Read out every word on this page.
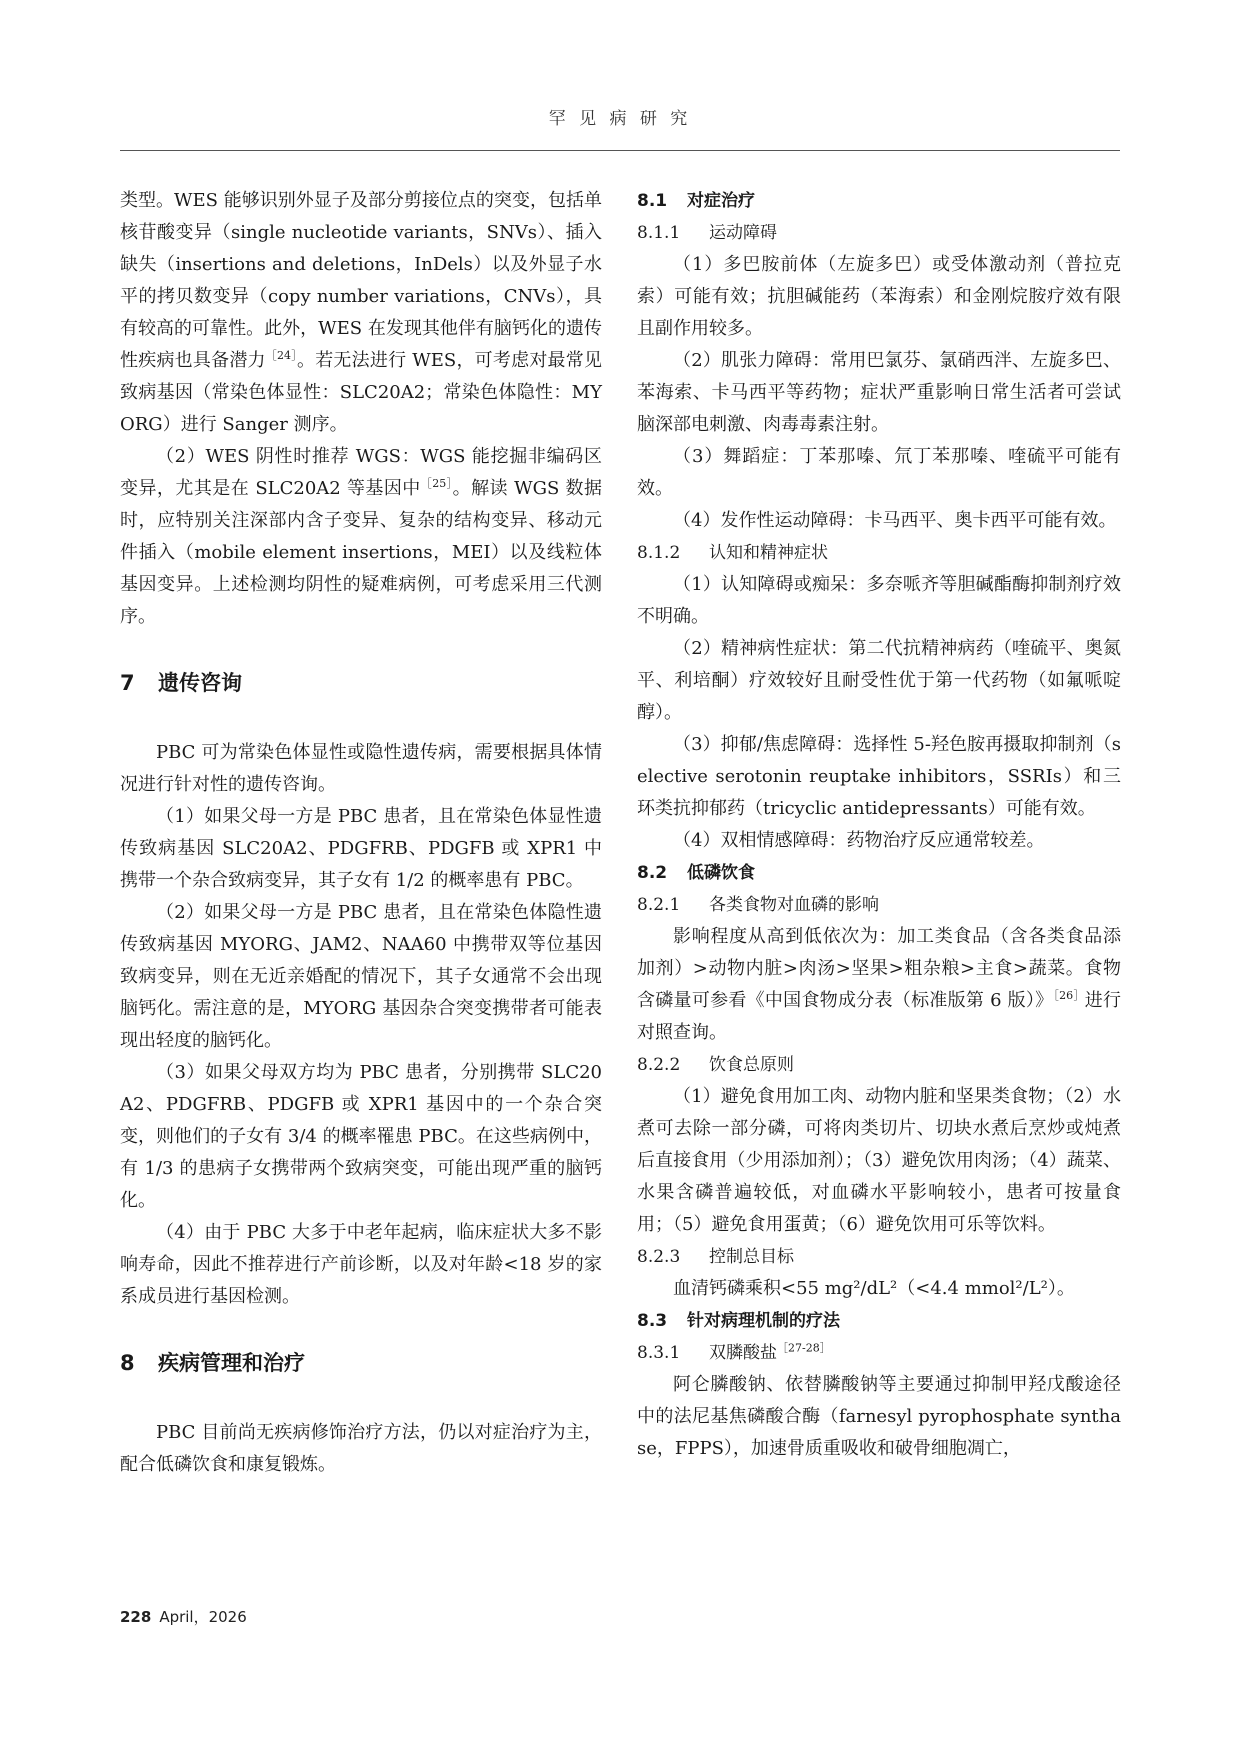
罕 见 病 研 究

类型。WES 能够识别外显子及部分剪接位点的突变，包括单核苷酸变异（single nucleotide variants，SNVs）、插入缺失（insertions and deletions，InDels）以及外显子水平的拷贝数变异（copy number variations，CNVs），具有较高的可靠性。此外，WES 在发现其他伴有脑钙化的遗传性疾病也具备潜力$^{[24]}$。若无法进行 WES，可考虑对最常见致病基因（常染色体显性：SLC20A2；常染色体隐性：MYORG）进行 Sanger 测序。

（2）WES 阴性时推荐 WGS：WGS 能挖掘非编码区变异，尤其是在 SLC20A2 等基因中$^{[25]}$。解读 WGS 数据时，应特别关注深部内含子变异、复杂的结构变异、移动元件插入（mobile element insertions，MEI）以及线粒体基因变异。上述检测均阴性的疑难病例，可考虑采用三代测序。

7 遗传咨询

PBC 可为常染色体显性或隐性遗传病，需要根据具体情况进行针对性的遗传咨询。

（1）如果父母一方是 PBC 患者，且在常染色体显性遗传致病基因 SLC20A2、PDGFRB、PDGFB 或 XPR1 中携带一个杂合致病变异，其子女有 1/2 的概率患有 PBC。

（2）如果父母一方是 PBC 患者，且在常染色体隐性遗传致病基因 MYORG、JAM2、NAA60 中携带双等位基因致病变异，则在无近亲婚配的情况下，其子女通常不会出现脑钙化。需注意的是，MYORG 基因杂合突变携带者可能表现出轻度的脑钙化。

（3）如果父母双方均为 PBC 患者，分别携带 SLC20A2、PDGFRB、PDGFB 或 XPR1 基因中的一个杂合突变，则他们的子女有 3/4 的概率罹患 PBC。在这些病例中，有 1/3 的患病子女携带两个致病突变，可能出现严重的脑钙化。

（4）由于 PBC 大多于中老年起病，临床症状大多不影响寿命，因此不推荐进行产前诊断，以及对年龄<18 岁的家系成员进行基因检测。

8 疾病管理和治疗

PBC 目前尚无疾病修饰治疗方法，仍以对症治疗为主，配合低磷饮食和康复锻炼。

8.1 对症治疗
8.1.1 运动障碍

（1）多巴胺前体（左旋多巴）或受体激动剂（普拉克索）可能有效；抗胆碱能药（苯海索）和金刚烷胺疗效有限且副作用较多。

（2）肌张力障碍：常用巴氯芬、氯硝西泮、左旋多巴、苯海索、卡马西平等药物；症状严重影响日常生活者可尝试脑深部电刺激、肉毒毒素注射。

（3）舞蹈症：丁苯那嗪、氘丁苯那嗪、喹硫平可能有效。

（4）发作性运动障碍：卡马西平、奥卡西平可能有效。

8.1.2 认知和精神症状

（1）认知障碍或痴呆：多奈哌齐等胆碱酯酶抑制剂疗效不明确。

（2）精神病性症状：第二代抗精神病药（喹硫平、奥氮平、利培酮）疗效较好且耐受性优于第一代药物（如氟哌啶醇）。

（3）抑郁/焦虑障碍：选择性 5-羟色胺再摄取抑制剂（selective serotonin reuptake inhibitors，SSRIs）和三环类抗抑郁药（tricyclic antidepressants）可能有效。

（4）双相情感障碍：药物治疗反应通常较差。

8.2 低磷饮食
8.2.1 各类食物对血磷的影响

影响程度从高到低依次为：加工类食品（含各类食品添加剂）>动物内脏>肉汤>坚果>粗杂粮>主食>蔬菜。食物含磷量可参看《中国食物成分表（标准版第 6 版）》$^{[26]}$进行对照查询。

8.2.2 饮食总原则

（1）避免食用加工肉、动物内脏和坚果类食物；（2）水煮可去除一部分磷，可将肉类切片、切块水煮后烹炒或炖煮后直接食用（少用添加剂）；（3）避免饮用肉汤；（4）蔬菜、水果含磷普遍较低，对血磷水平影响较小，患者可按量食用；（5）避免食用蛋黄；（6）避免饮用可乐等饮料。

8.2.3 控制总目标

血清钙磷乘积<55 mg²/dL²（<4.4 mmol²/L²）。

8.3 针对病理机制的疗法
8.3.1 双膦酸盐$^{[27-28]}$

阿仑膦酸钠、依替膦酸钠等主要通过抑制甲羟戊酸途径中的法尼基焦磷酸合酶（farnesyl pyrophosphate synthase，FPPS），加速骨质重吸收和破骨细胞凋亡，

228 April，2026
